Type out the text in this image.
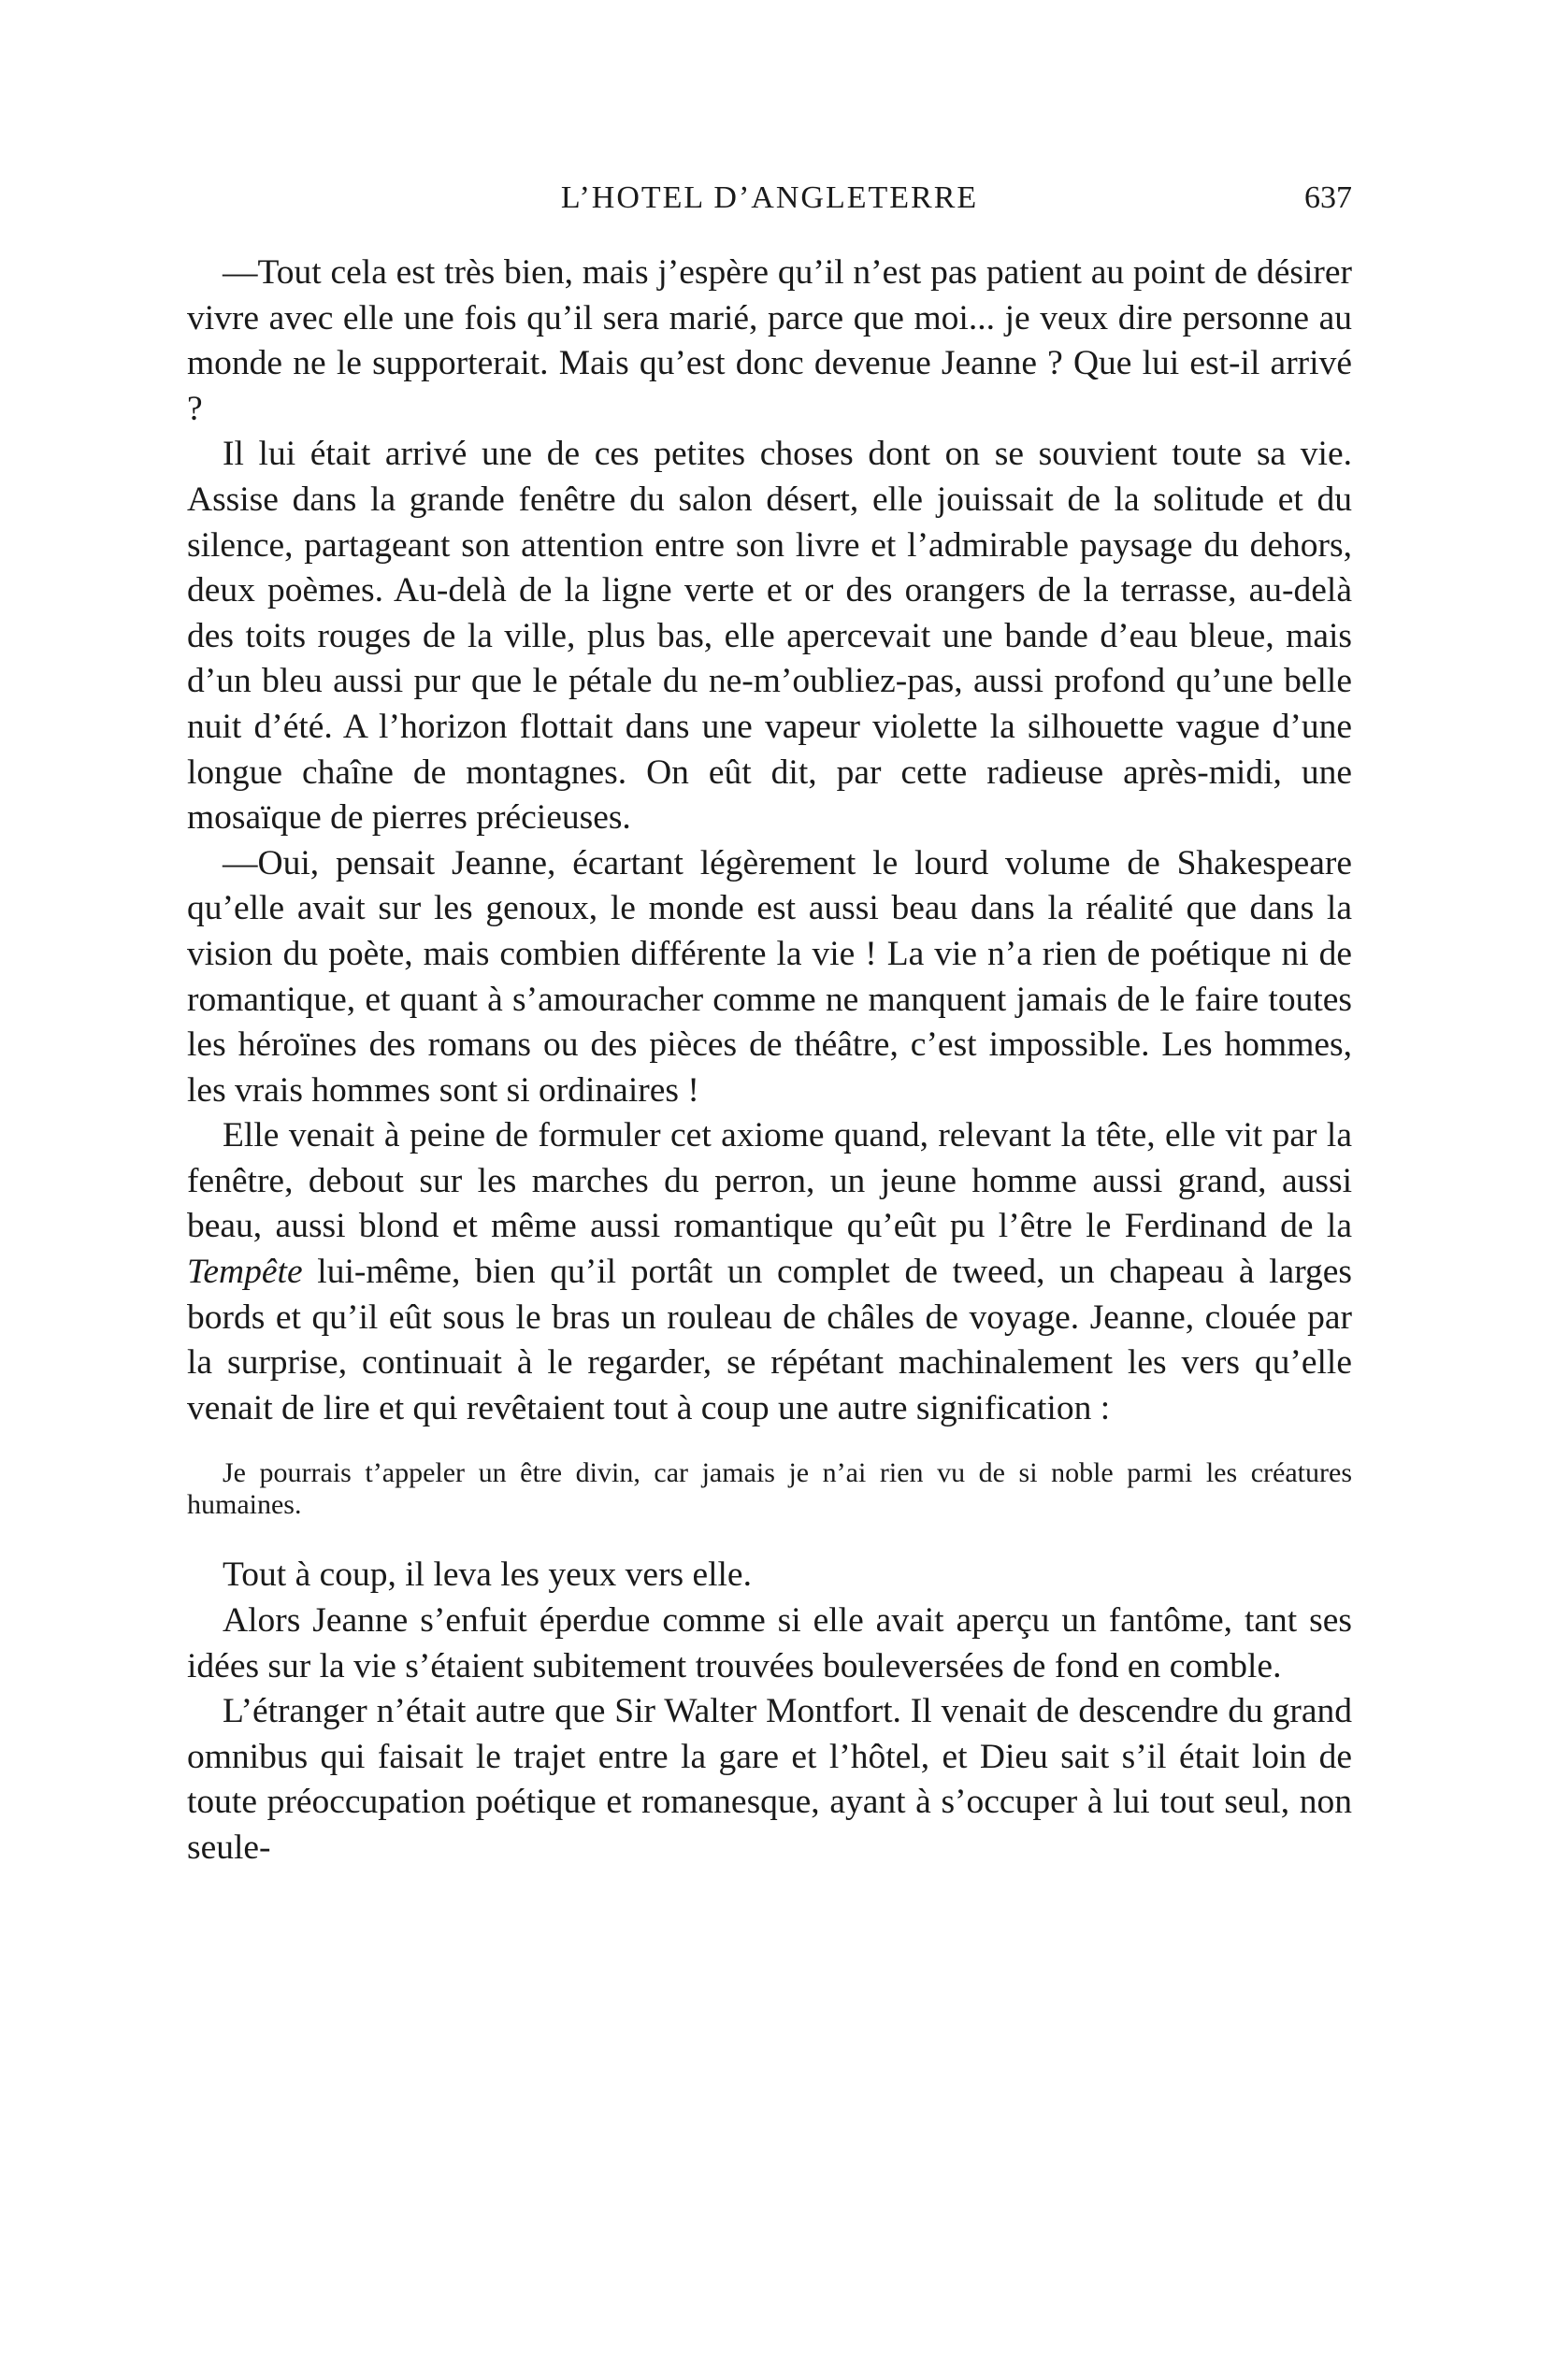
L’HOTEL D’ANGLETERRE	637

—Tout cela est très bien, mais j’espère qu’il n’est pas patient au point de désirer vivre avec elle une fois qu’il sera marié, parce que moi... je veux dire personne au monde ne le supporterait. Mais qu’est donc devenue Jeanne ? Que lui est-il arrivé ?

Il lui était arrivé une de ces petites choses dont on se souvient toute sa vie. Assise dans la grande fenêtre du salon désert, elle jouissait de la solitude et du silence, partageant son attention entre son livre et l’admirable paysage du dehors, deux poèmes. Au-delà de la ligne verte et or des orangers de la terrasse, au-delà des toits rouges de la ville, plus bas, elle apercevait une bande d’eau bleue, mais d’un bleu aussi pur que le pétale du ne-m’oubliez-pas, aussi profond qu’une belle nuit d’été. A l’horizon flottait dans une vapeur violette la silhouette vague d’une longue chaîne de montagnes. On eût dit, par cette radieuse après-midi, une mosaïque de pierres précieuses.

—Oui, pensait Jeanne, écartant légèrement le lourd volume de Shakespeare qu’elle avait sur les genoux, le monde est aussi beau dans la réalité que dans la vision du poète, mais combien différente la vie ! La vie n’a rien de poétique ni de romantique, et quant à s’amouracher comme ne manquent jamais de le faire toutes les héroïnes des romans ou des pièces de théâtre, c’est impossible. Les hommes, les vrais hommes sont si ordinaires !

Elle venait à peine de formuler cet axiome quand, relevant la tête, elle vit par la fenêtre, debout sur les marches du perron, un jeune homme aussi grand, aussi beau, aussi blond et même aussi romantique qu’eût pu l’être le Ferdinand de la Tempête lui-même, bien qu’il portât un complet de tweed, un chapeau à larges bords et qu’il eût sous le bras un rouleau de châles de voyage. Jeanne, clouée par la surprise, continuait à le regarder, se répétant machinalement les vers qu’elle venait de lire et qui revêtaient tout à coup une autre signification :

Je pourrais t’appeler un être divin, car jamais je n’ai rien vu de si noble parmi les créatures humaines.

Tout à coup, il leva les yeux vers elle.

Alors Jeanne s’enfuit éperdue comme si elle avait aperçu un fantôme, tant ses idées sur la vie s’étaient subitement trouvées bouleversées de fond en comble.

L’étranger n’était autre que Sir Walter Montfort. Il venait de descendre du grand omnibus qui faisait le trajet entre la gare et l’hôtel, et Dieu sait s’il était loin de toute préoccupation poétique et romanesque, ayant à s’occuper à lui tout seul, non seule-
